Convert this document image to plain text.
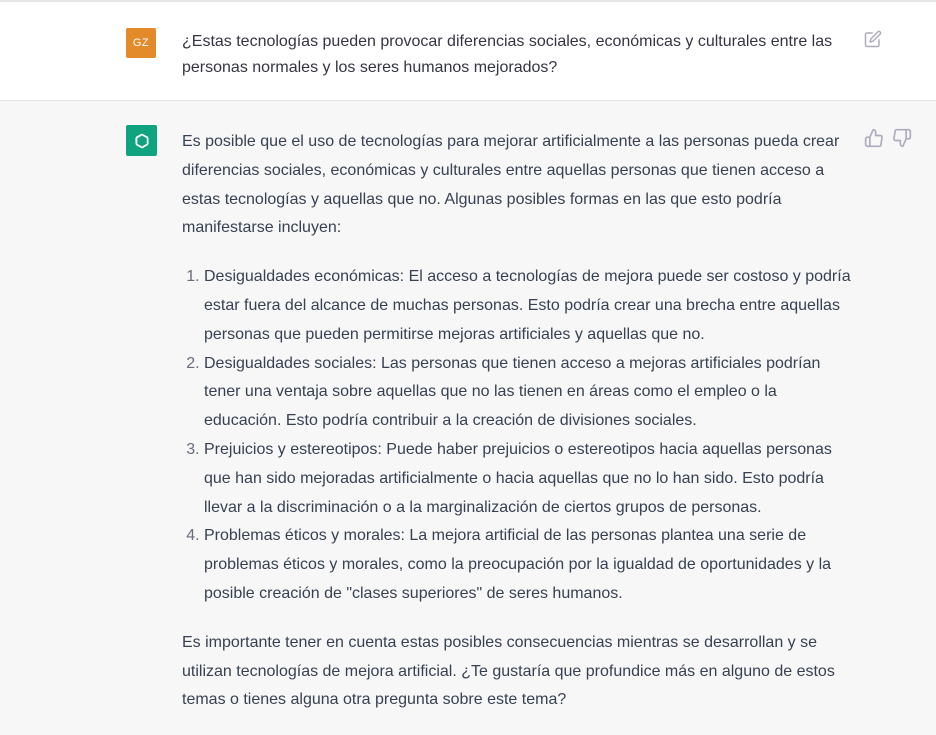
GZ	¿Estas tecnologías pueden provocar diferencias sociales, económicas y culturales entre las personas normales y los seres humanos mejorados?

Es posible que el uso de tecnologías para mejorar artificialmente a las personas pueda crear diferencias sociales, económicas y culturales entre aquellas personas que tienen acceso a estas tecnologías y aquellas que no. Algunas posibles formas en las que esto podría manifestarse incluyen:

1. Desigualdades económicas: El acceso a tecnologías de mejora puede ser costoso y podría estar fuera del alcance de muchas personas. Esto podría crear una brecha entre aquellas personas que pueden permitirse mejoras artificiales y aquellas que no.
2. Desigualdades sociales: Las personas que tienen acceso a mejoras artificiales podrían tener una ventaja sobre aquellas que no las tienen en áreas como el empleo o la educación. Esto podría contribuir a la creación de divisiones sociales.
3. Prejuicios y estereotipos: Puede haber prejuicios o estereotipos hacia aquellas personas que han sido mejoradas artificialmente o hacia aquellas que no lo han sido. Esto podría llevar a la discriminación o a la marginalización de ciertos grupos de personas.
4. Problemas éticos y morales: La mejora artificial de las personas plantea una serie de problemas éticos y morales, como la preocupación por la igualdad de oportunidades y la posible creación de "clases superiores" de seres humanos.

Es importante tener en cuenta estas posibles consecuencias mientras se desarrollan y se utilizan tecnologías de mejora artificial. ¿Te gustaría que profundice más en alguno de estos temas o tienes alguna otra pregunta sobre este tema?
